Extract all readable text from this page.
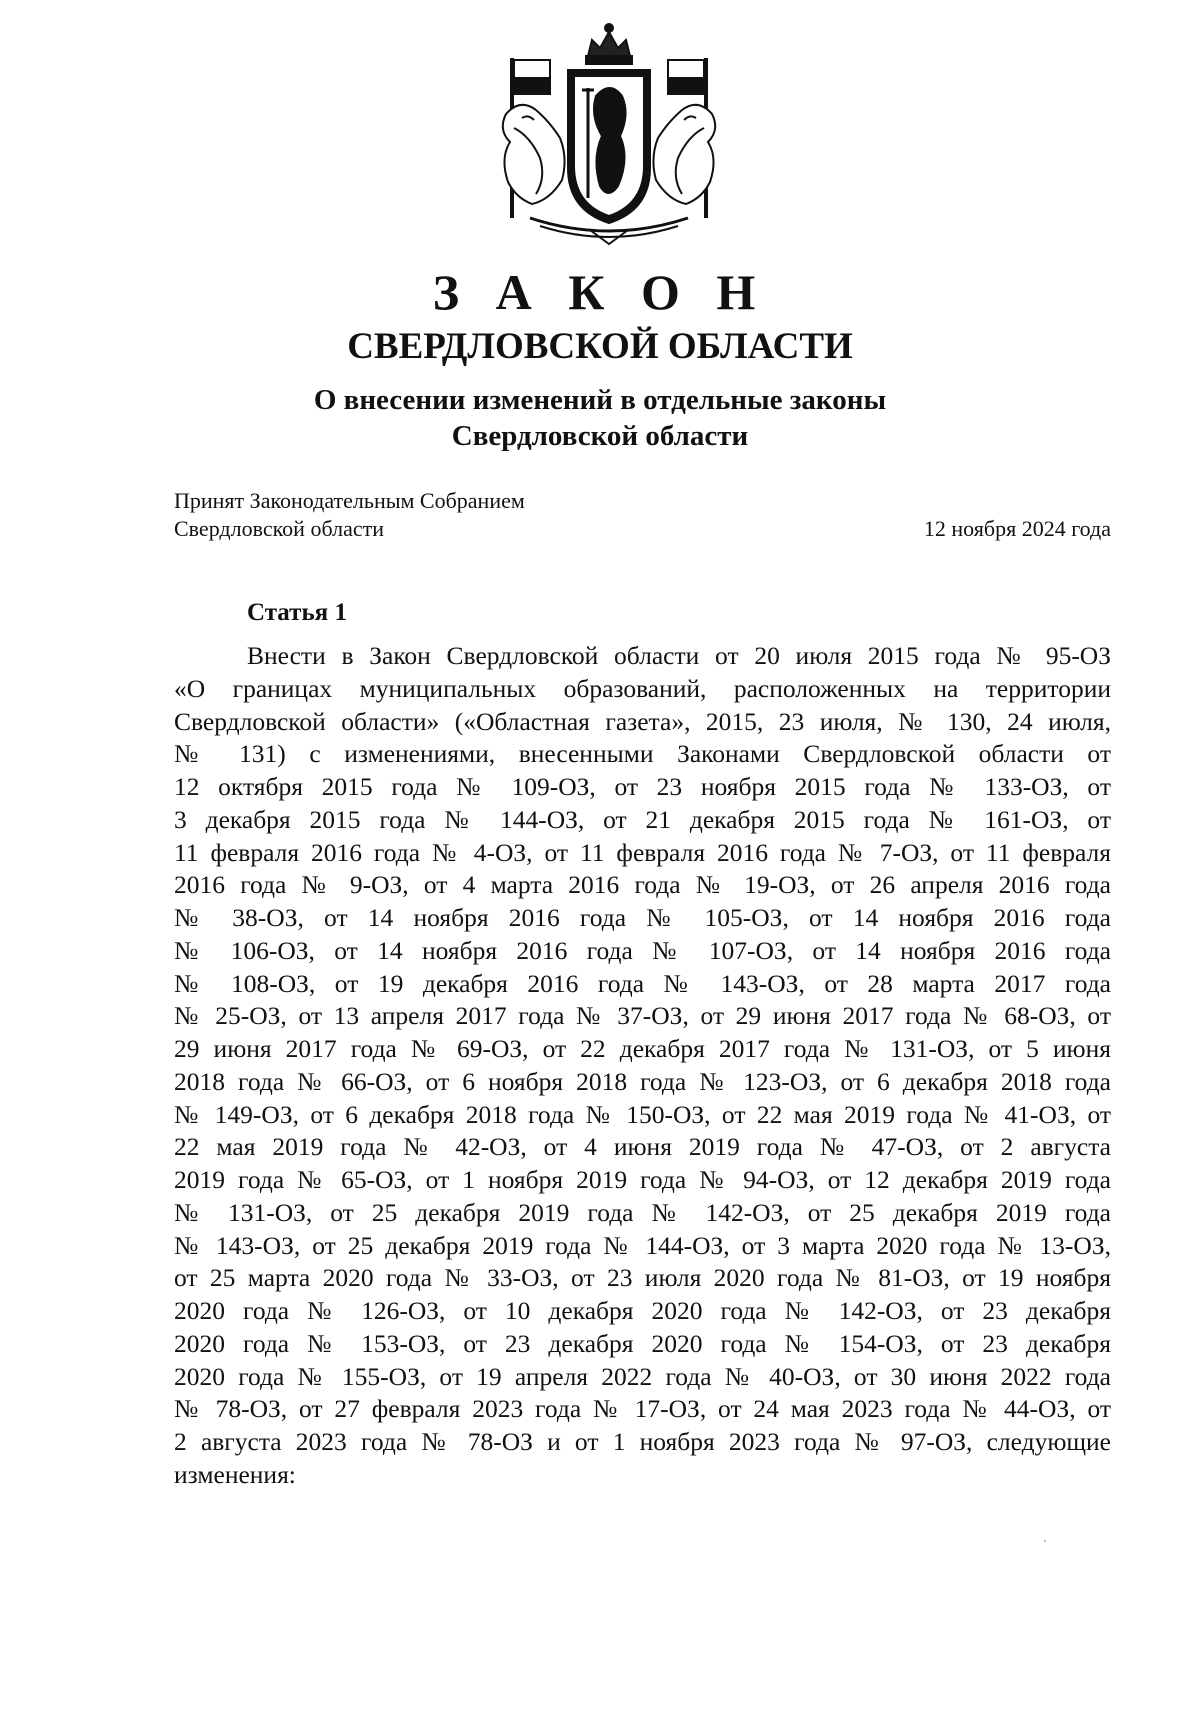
З А К О Н
СВЕРДЛОВСКОЙ ОБЛАСТИ
О внесении изменений в отдельные законы
Свердловской области
Принят Законодательным Собранием
Свердловской области	12 ноября 2024 года
Статья 1
Внести в Закон Свердловской области от 20 июля 2015 года № 95-ОЗ
«О границах муниципальных образований, расположенных на территории
Свердловской области» («Областная газета», 2015, 23 июля, № 130, 24 июля,
№ 131) с изменениями, внесенными Законами Свердловской области от
12 октября 2015 года № 109-ОЗ, от 23 ноября 2015 года № 133-ОЗ, от
3 декабря 2015 года № 144-ОЗ, от 21 декабря 2015 года № 161-ОЗ, от
11 февраля 2016 года № 4-ОЗ, от 11 февраля 2016 года № 7-ОЗ, от 11 февраля
2016 года № 9-ОЗ, от 4 марта 2016 года № 19-ОЗ, от 26 апреля 2016 года
№ 38-ОЗ, от 14 ноября 2016 года № 105-ОЗ, от 14 ноября 2016 года
№ 106-ОЗ, от 14 ноября 2016 года № 107-ОЗ, от 14 ноября 2016 года
№ 108-ОЗ, от 19 декабря 2016 года № 143-ОЗ, от 28 марта 2017 года
№ 25-ОЗ, от 13 апреля 2017 года № 37-ОЗ, от 29 июня 2017 года № 68-ОЗ, от
29 июня 2017 года № 69-ОЗ, от 22 декабря 2017 года № 131-ОЗ, от 5 июня
2018 года № 66-ОЗ, от 6 ноября 2018 года № 123-ОЗ, от 6 декабря 2018 года
№ 149-ОЗ, от 6 декабря 2018 года № 150-ОЗ, от 22 мая 2019 года № 41-ОЗ, от
22 мая 2019 года № 42-ОЗ, от 4 июня 2019 года № 47-ОЗ, от 2 августа
2019 года № 65-ОЗ, от 1 ноября 2019 года № 94-ОЗ, от 12 декабря 2019 года
№ 131-ОЗ, от 25 декабря 2019 года № 142-ОЗ, от 25 декабря 2019 года
№ 143-ОЗ, от 25 декабря 2019 года № 144-ОЗ, от 3 марта 2020 года № 13-ОЗ,
от 25 марта 2020 года № 33-ОЗ, от 23 июля 2020 года № 81-ОЗ, от 19 ноября
2020 года № 126-ОЗ, от 10 декабря 2020 года № 142-ОЗ, от 23 декабря
2020 года № 153-ОЗ, от 23 декабря 2020 года № 154-ОЗ, от 23 декабря
2020 года № 155-ОЗ, от 19 апреля 2022 года № 40-ОЗ, от 30 июня 2022 года
№ 78-ОЗ, от 27 февраля 2023 года № 17-ОЗ, от 24 мая 2023 года № 44-ОЗ, от
2 августа 2023 года № 78-ОЗ и от 1 ноября 2023 года № 97-ОЗ, следующие
изменения:
